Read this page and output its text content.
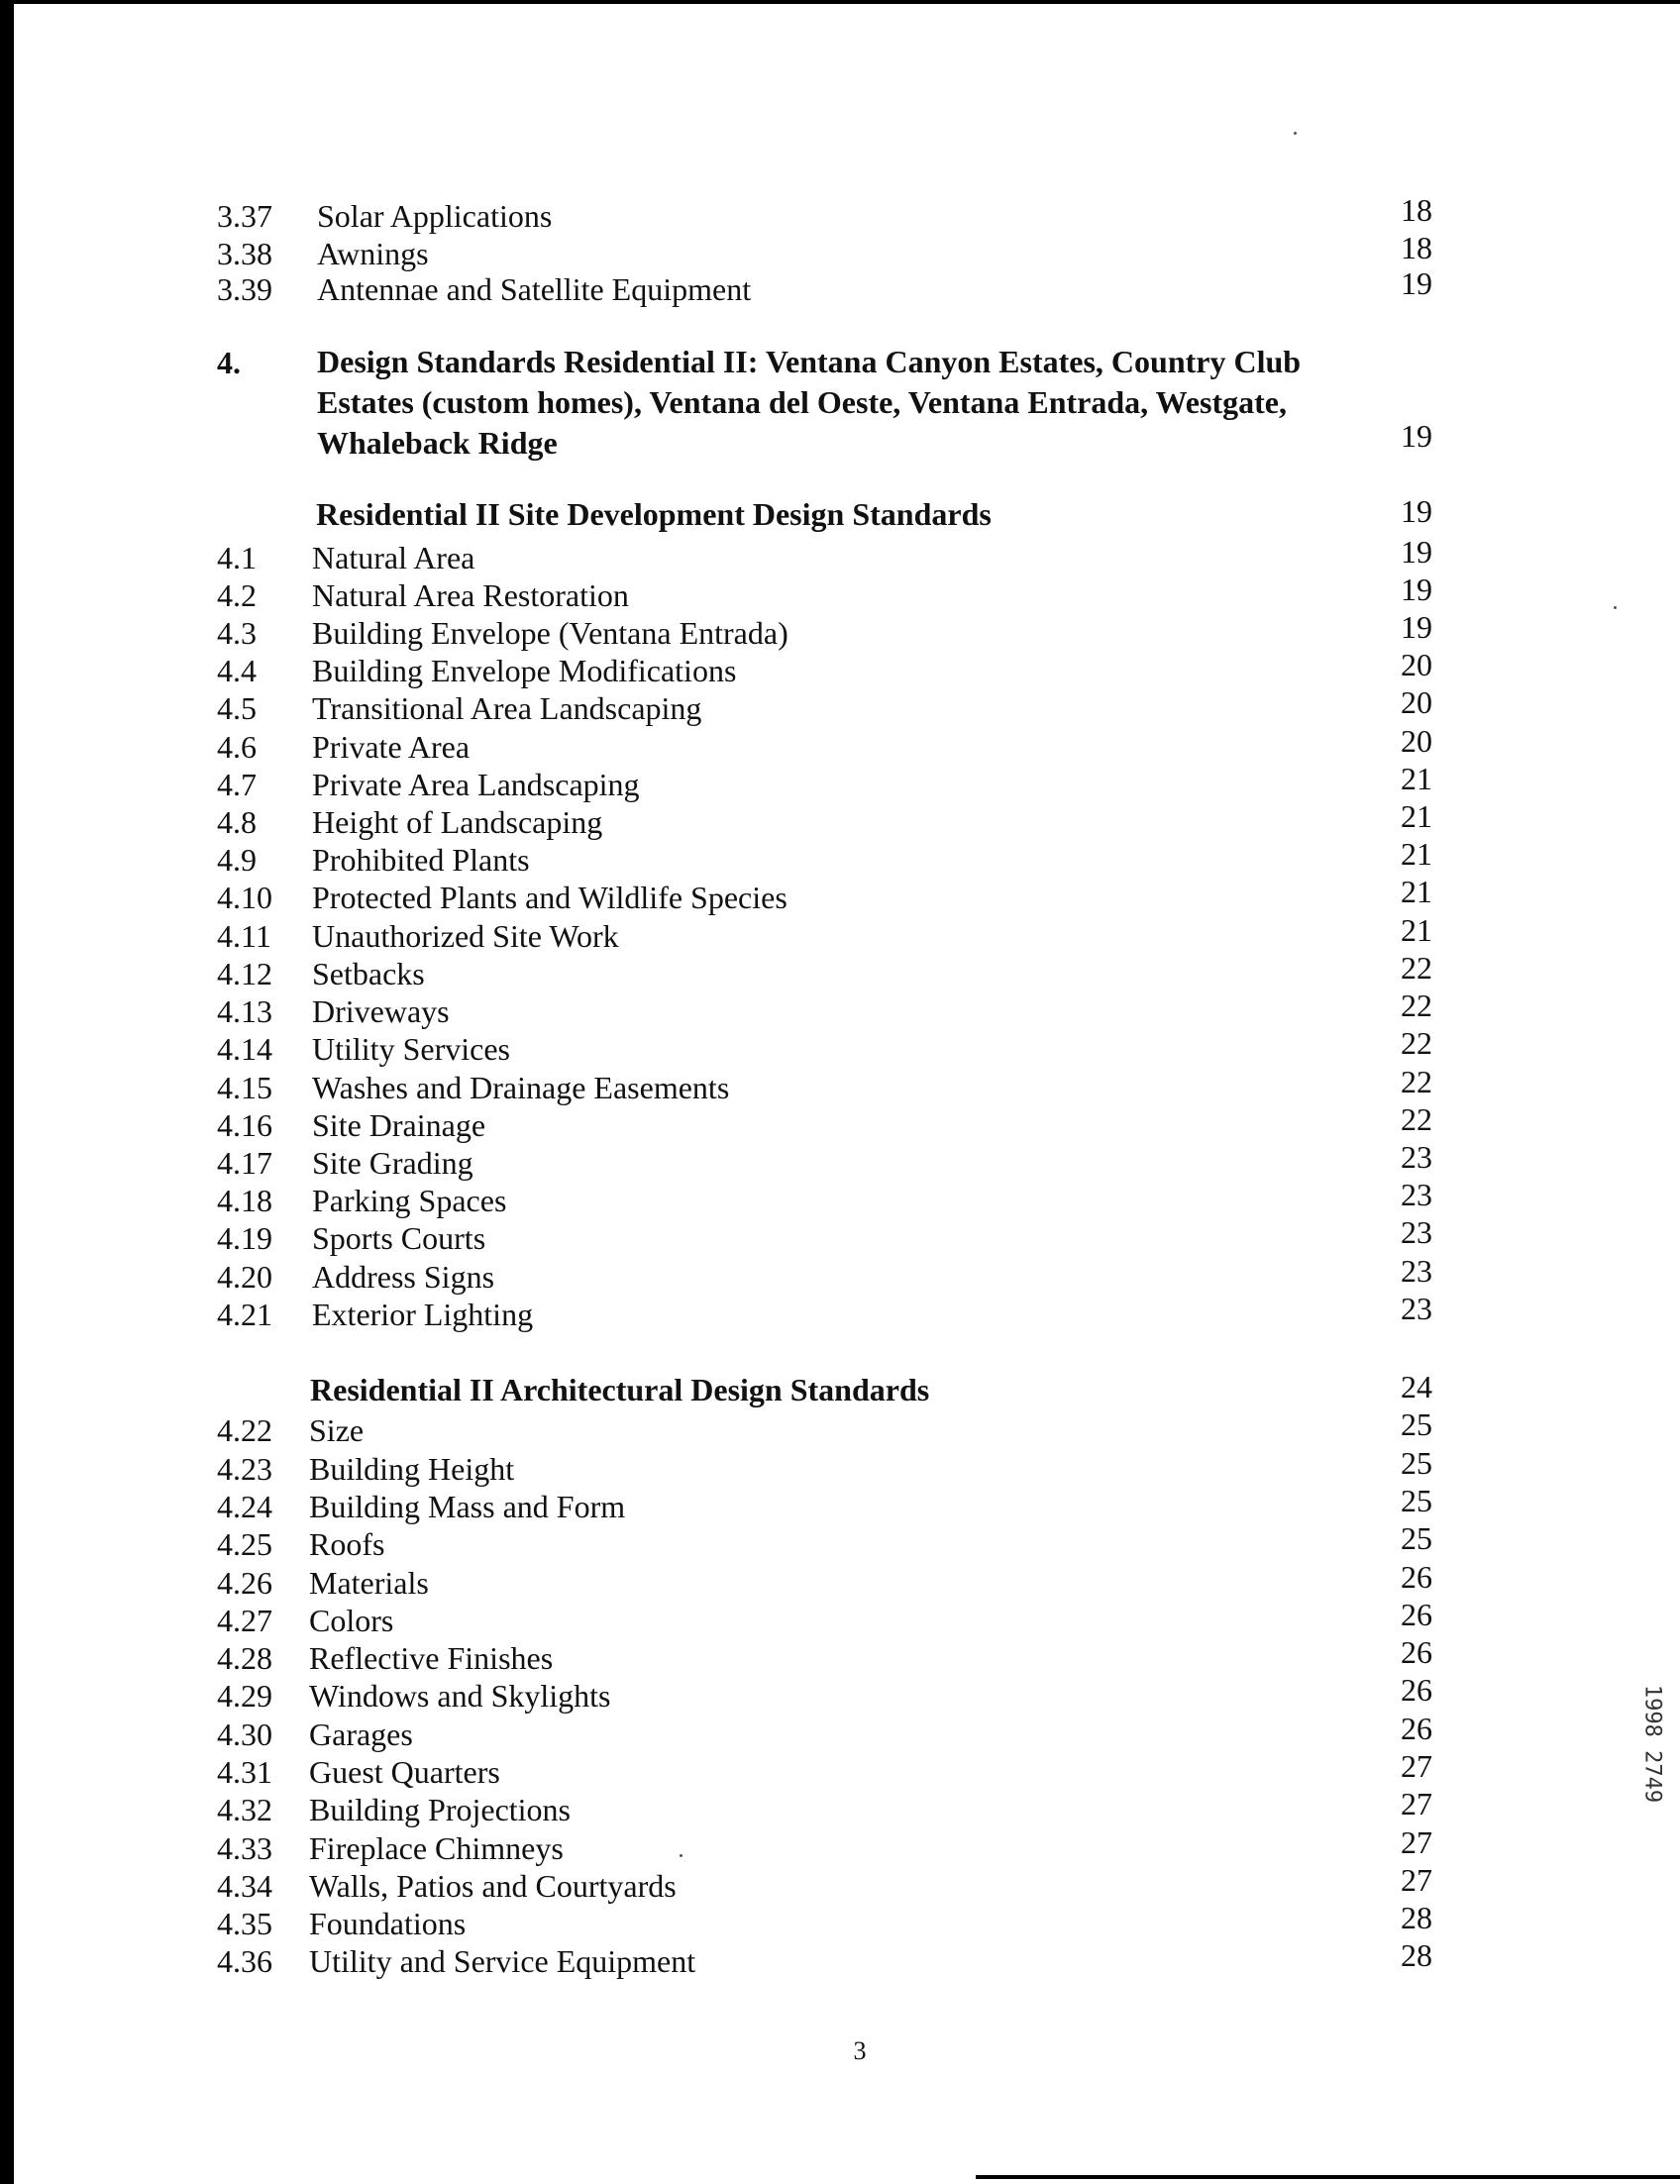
3.37 Solar Applications	18
3.38 Awnings	18
3.39 Antennae and Satellite Equipment	19
4. Design Standards Residential II: Ventana Canyon Estates, Country Club Estates (custom homes), Ventana del Oeste, Ventana Entrada, Westgate, Whaleback Ridge	19
Residential II Site Development Design Standards	19
4.1 Natural Area	19
4.2 Natural Area Restoration	19
4.3 Building Envelope (Ventana Entrada)	19
4.4 Building Envelope Modifications	20
4.5 Transitional Area Landscaping	20
4.6 Private Area	20
4.7 Private Area Landscaping	21
4.8 Height of Landscaping	21
4.9 Prohibited Plants	21
4.10 Protected Plants and Wildlife Species	21
4.11 Unauthorized Site Work	21
4.12 Setbacks	22
4.13 Driveways	22
4.14 Utility Services	22
4.15 Washes and Drainage Easements	22
4.16 Site Drainage	22
4.17 Site Grading	23
4.18 Parking Spaces	23
4.19 Sports Courts	23
4.20 Address Signs	23
4.21 Exterior Lighting	23
Residential II Architectural Design Standards	24
4.22 Size	25
4.23 Building Height	25
4.24 Building Mass and Form	25
4.25 Roofs	25
4.26 Materials	26
4.27 Colors	26
4.28 Reflective Finishes	26
4.29 Windows and Skylights	26
4.30 Garages	26
4.31 Guest Quarters	27
4.32 Building Projections	27
4.33 Fireplace Chimneys	27
4.34 Walls, Patios and Courtyards	27
4.35 Foundations	28
4.36 Utility and Service Equipment	28
3
1998 2749
